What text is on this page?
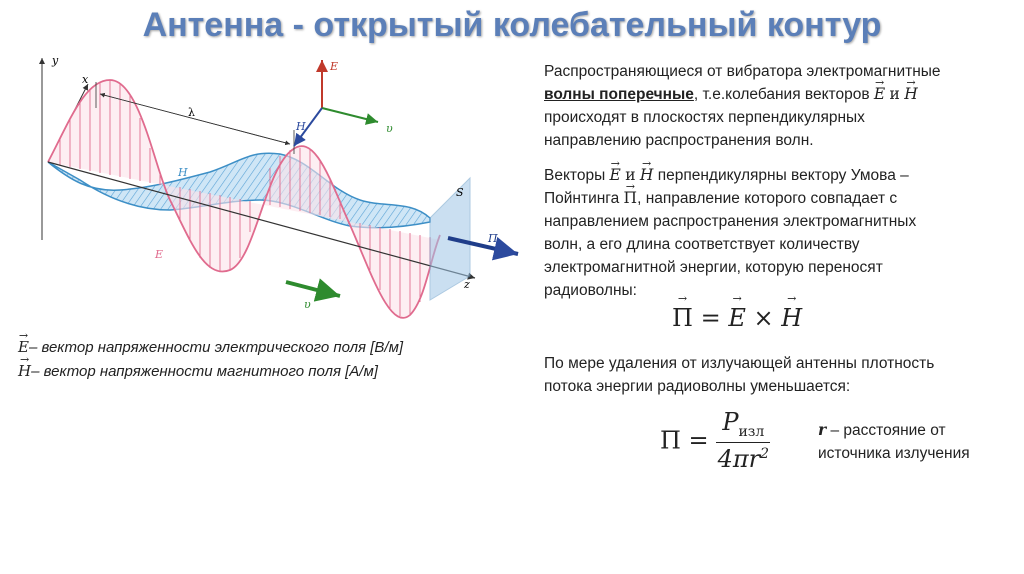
Антенна - открытый колебательный контур
y
x
z
λ
E
H
S
П
υ
E
υ
H
→ E– вектор напряженности электрического поля [В/м]
→ H– вектор напряженности магнитного поля [А/м]
Распространяющиеся от вибратора электромагнитные
волны поперечные, т.е.колебания векторов → E и → H
происходят в плоскостях перпендикулярных
направлению распространения волн.
Векторы → E и → H перпендикулярны вектору Умова –
Пойнтинга → П, направление которого совпадает с
направлением распространения электромагнитных
волн, а его длина соответствует количеству
электромагнитной энергии, которую переносят
радиоволны:
→ П = → E × → H
По мере удаления от излучающей антенны плотность
потока энергии радиоволны уменьшается:
$П = \frac{P_{изл}}{4\pi r^2}$	r – расстояние от
источника излучения
